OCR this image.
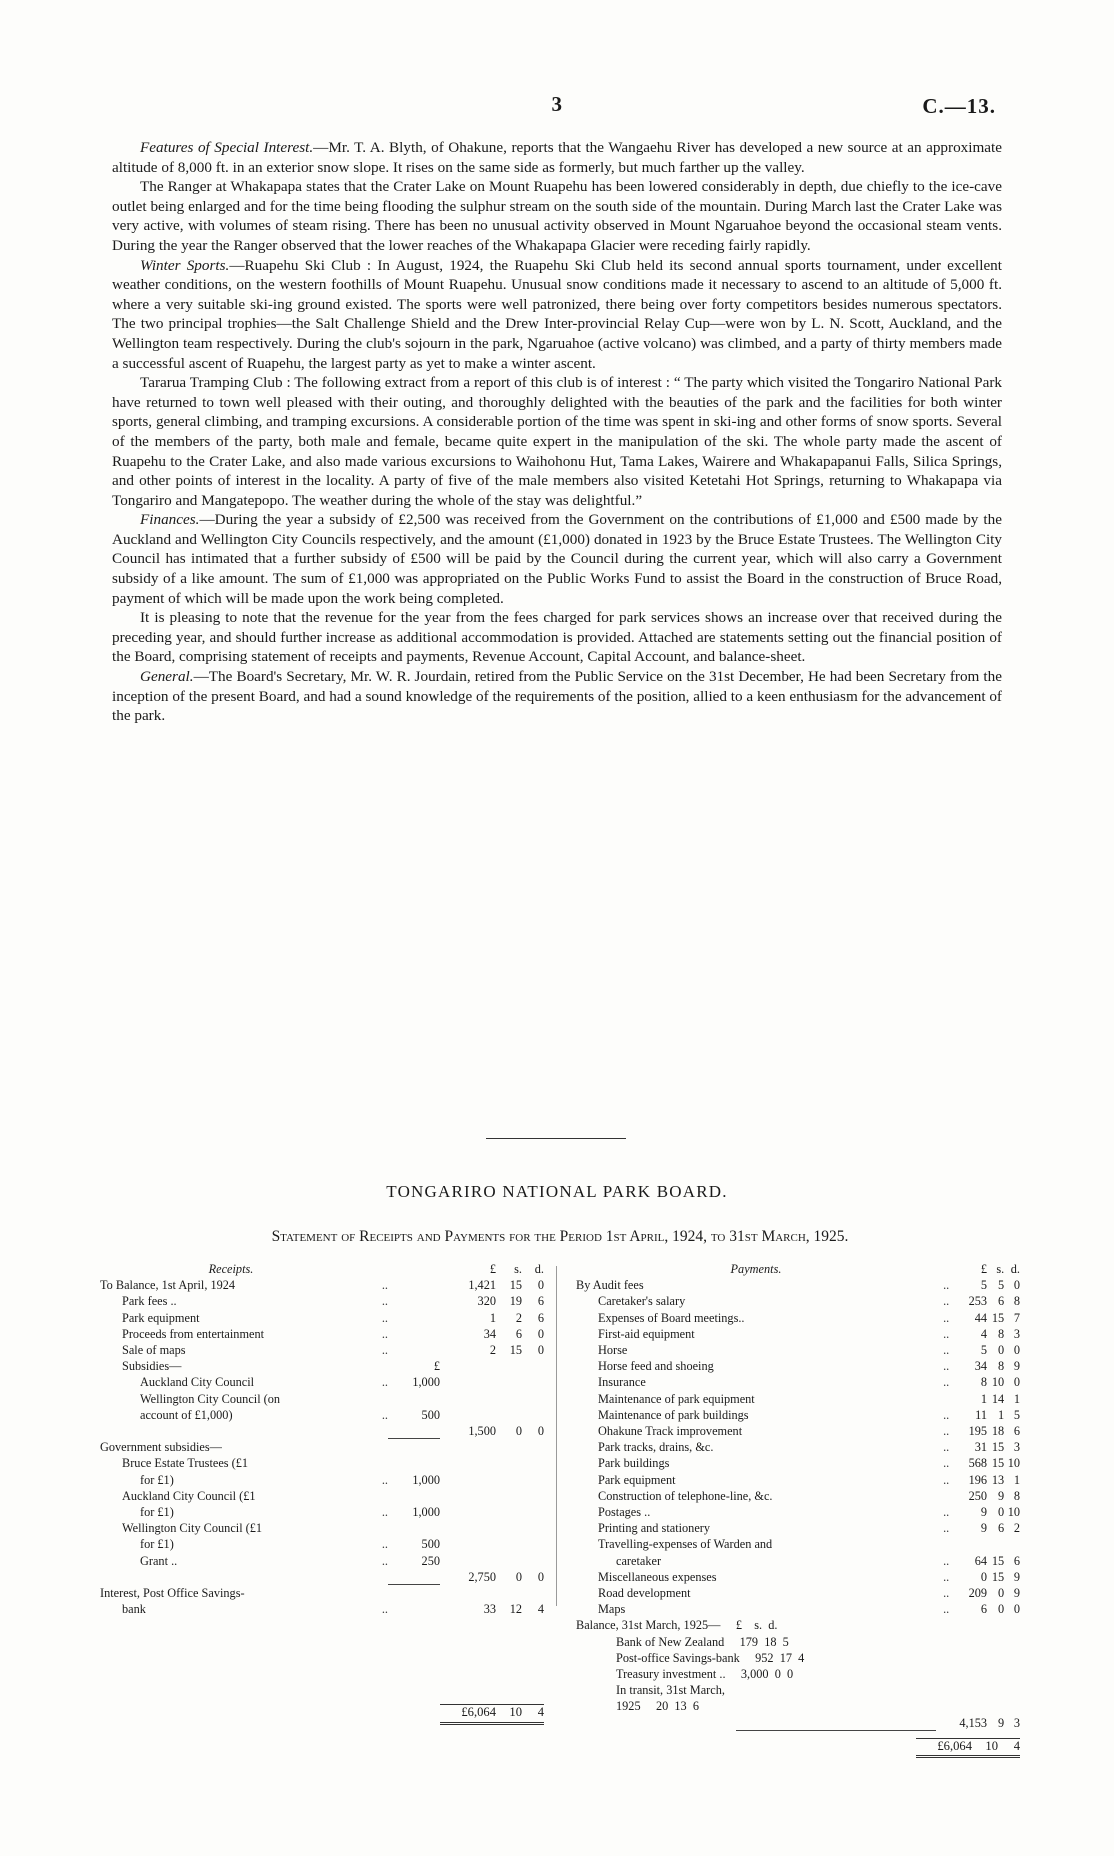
3	C.—13.

Features of Special Interest.—Mr. T. A. Blyth, of Ohakune, reports that the Wangaehu River has developed a new source at an approximate altitude of 8,000 ft. in an exterior snow slope. It rises on the same side as formerly, but much farther up the valley.

The Ranger at Whakapapa states that the Crater Lake on Mount Ruapehu has been lowered considerably in depth, due chiefly to the ice-cave outlet being enlarged and for the time being flooding the sulphur stream on the south side of the mountain. During March last the Crater Lake was very active, with volumes of steam rising. There has been no unusual activity observed in Mount Ngaruahoe beyond the occasional steam vents. During the year the Ranger observed that the lower reaches of the Whakapapa Glacier were receding fairly rapidly.

Winter Sports.—Ruapehu Ski Club : In August, 1924, the Ruapehu Ski Club held its second annual sports tournament, under excellent weather conditions, on the western foothills of Mount Ruapehu. Unusual snow conditions made it necessary to ascend to an altitude of 5,000 ft. where a very suitable ski-ing ground existed. The sports were well patronized, there being over forty competitors besides numerous spectators. The two principal trophies—the Salt Challenge Shield and the Drew Inter-provincial Relay Cup—were won by L. N. Scott, Auckland, and the Wellington team respectively. During the club's sojourn in the park, Ngaruahoe (active volcano) was climbed, and a party of thirty members made a successful ascent of Ruapehu, the largest party as yet to make a winter ascent.

Tararua Tramping Club : The following extract from a report of this club is of interest : “ The party which visited the Tongariro National Park have returned to town well pleased with their outing, and thoroughly delighted with the beauties of the park and the facilities for both winter sports, general climbing, and tramping excursions. A considerable portion of the time was spent in ski-ing and other forms of snow sports. Several of the members of the party, both male and female, became quite expert in the manipulation of the ski. The whole party made the ascent of Ruapehu to the Crater Lake, and also made various excursions to Waihohonu Hut, Tama Lakes, Wairere and Whakapapanui Falls, Silica Springs, and other points of interest in the locality. A party of five of the male members also visited Ketetahi Hot Springs, returning to Whakapapa via Tongariro and Mangatepopo. The weather during the whole of the stay was delightful.”

Finances.—During the year a subsidy of £2,500 was received from the Government on the contributions of £1,000 and £500 made by the Auckland and Wellington City Councils respectively, and the amount (£1,000) donated in 1923 by the Bruce Estate Trustees. The Wellington City Council has intimated that a further subsidy of £500 will be paid by the Council during the current year, which will also carry a Government subsidy of a like amount. The sum of £1,000 was appropriated on the Public Works Fund to assist the Board in the construction of Bruce Road, payment of which will be made upon the work being completed.

It is pleasing to note that the revenue for the year from the fees charged for park services shows an increase over that received during the preceding year, and should further increase as additional accommodation is provided. Attached are statements setting out the financial position of the Board, comprising statement of receipts and payments, Revenue Account, Capital Account, and balance-sheet.

General.—The Board's Secretary, Mr. W. R. Jourdain, retired from the Public Service on the 31st December, He had been Secretary from the inception of the present Board, and had a sound knowledge of the requirements of the position, allied to a keen enthusiasm for the advancement of the park.

TONGARIRO NATIONAL PARK BOARD.
Statement of Receipts and Payments for the Period 1st April, 1924, to 31st March, 1925.
Receipts.			£	s.	d.
To Balance, 1st April, 1924	..		1,421	15	0
Park fees ..	..		320	19	6
Park equipment	..		1	2	6
Proceeds from entertainment	..		34	6	0
Sale of maps	..		2	15	0
Subsidies—		£			
Auckland City Council	..	1,000			
Wellington City Council (on					
account of £1,000)	..	500			

	1,500	0	0
Government subsidies—					
Bruce Estate Trustees (£1					
for £1)	..	1,000			
Auckland City Council (£1					
for £1)	..	1,000			
Wellington City Council (£1					
for £1)	..	500			
Grant ..	..	250			

	2,750	0	0
Interest, Post Office Savings-					
bank	..		33	12	4
			£6,064	10	4
Payments.		£	s.	d.
By Audit fees	..	5	5	0
Caretaker's salary	..	253	6	8
Expenses of Board meetings..	..	44	15	7
First-aid equipment	..	4	8	3
Horse	..	5	0	0
Horse feed and shoeing	..	34	8	9
Insurance	..	8	10	0
Maintenance of park equipment		1	14	1
Maintenance of park buildings	..	11	1	5
Ohakune Track improvement	..	195	18	6
Park tracks, drains, &c.	..	31	15	3
Park buildings	..	568	15	10
Park equipment	..	196	13	1
Construction of telephone-line, &c.		250	9	8
Postages ..	..	9	0	10
Printing and stationery	..	9	6	2
Travelling-expenses of Warden and				
caretaker	..	64	15	6
Miscellaneous expenses	..	0	15	9
Road development	..	209	0	9
Maps	..	6	0	0
Balance, 31st March, 1925—     £    s.  d.				
Bank of New Zealand     179  18  5				
Post-office Savings-bank     952  17  4				
Treasury investment ..     3,000  0  0				
In transit, 31st March,				
1925     20  13  6				

		4,153	9	3
		£6,064	10	4
